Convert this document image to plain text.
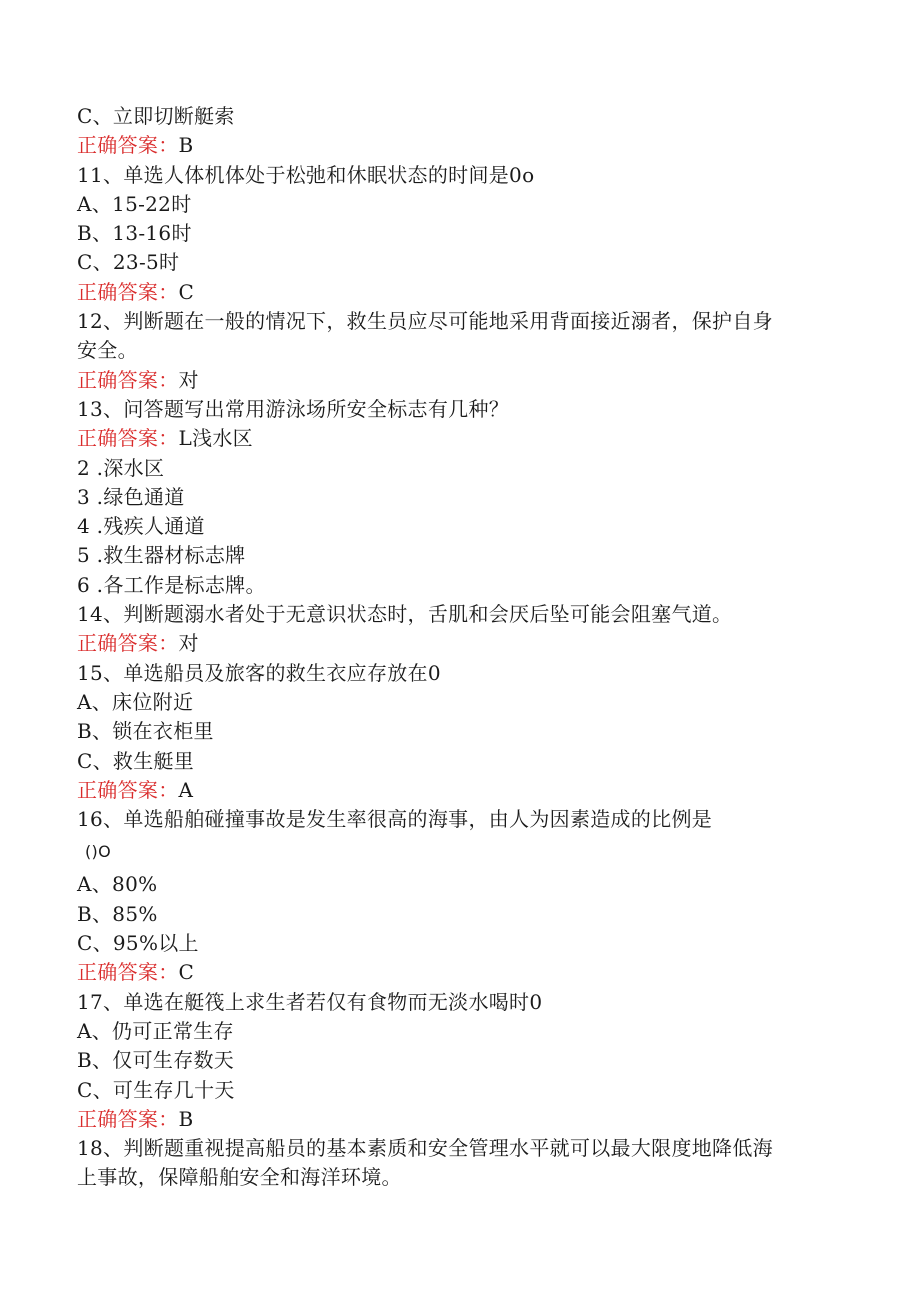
C、立即切断艇索
正确答案：B
11、单选人体机体处于松弛和休眠状态的时间是0o
A、15-22时
B、13-16时
C、23-5时
正确答案：C
12、判断题在一般的情况下，救生员应尽可能地采用背面接近溺者，保护自身
安全。
正确答案：对
13、问答题写出常用游泳场所安全标志有几种？
正确答案：L浅水区
2 .深水区
3 .绿色通道
4 .残疾人通道
5 .救生器材标志牌
6 .各工作是标志牌。
14、判断题溺水者处于无意识状态时，舌肌和会厌后坠可能会阻塞气道。
正确答案：对
15、单选船员及旅客的救生衣应存放在0
A、床位附近
B、锁在衣柜里
C、救生艇里
正确答案：A
16、单选船舶碰撞事故是发生率很高的海事，由人为因素造成的比例是
()O
A、80%
B、85%
C、95%以上
正确答案：C
17、单选在艇筏上求生者若仅有食物而无淡水喝时0
A、仍可正常生存
B、仅可生存数天
C、可生存几十天
正确答案：B
18、判断题重视提高船员的基本素质和安全管理水平就可以最大限度地降低海
上事故，保障船舶安全和海洋环境。
